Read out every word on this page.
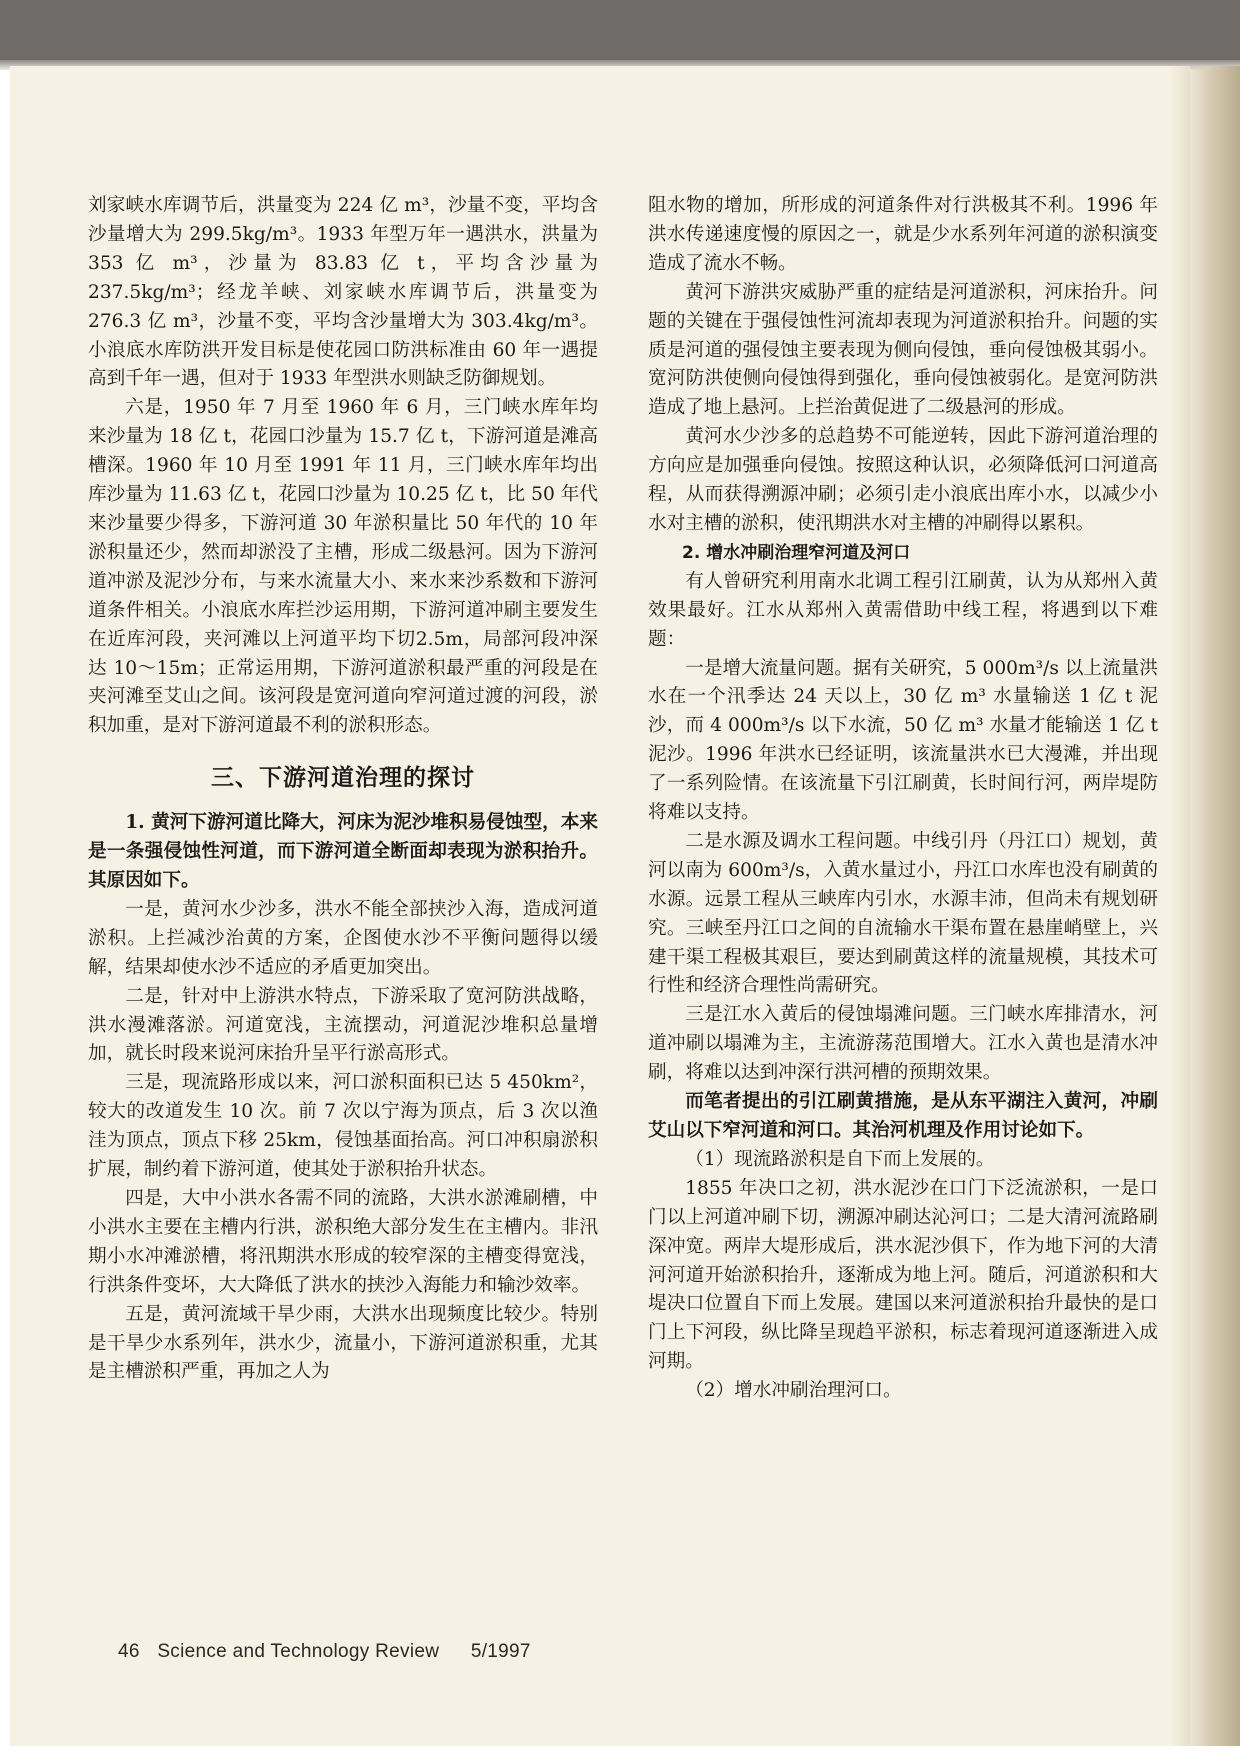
刘家峡水库调节后，洪量变为 224 亿 m³，沙量不变，平均含沙量增大为 299.5kg/m³。1933 年型万年一遇洪水，洪量为 353 亿 m³，沙量为 83.83 亿 t，平均含沙量为 237.5kg/m³；经龙羊峡、刘家峡水库调节后，洪量变为 276.3 亿 m³，沙量不变，平均含沙量增大为 303.4kg/m³。小浪底水库防洪开发目标是使花园口防洪标准由 60 年一遇提高到千年一遇，但对于 1933 年型洪水则缺乏防御规划。

六是，1950 年 7 月至 1960 年 6 月，三门峡水库年均来沙量为 18 亿 t，花园口沙量为 15.7 亿 t，下游河道是滩高槽深。1960 年 10 月至 1991 年 11 月，三门峡水库年均出库沙量为 11.63 亿 t，花园口沙量为 10.25 亿 t，比 50 年代来沙量要少得多，下游河道 30 年淤积量比 50 年代的 10 年淤积量还少，然而却淤没了主槽，形成二级悬河。因为下游河道冲淤及泥沙分布，与来水流量大小、来水来沙系数和下游河道条件相关。小浪底水库拦沙运用期，下游河道冲刷主要发生在近库河段，夹河滩以上河道平均下切2.5m，局部河段冲深达 10～15m；正常运用期，下游河道淤积最严重的河段是在夹河滩至艾山之间。该河段是宽河道向窄河道过渡的河段，淤积加重，是对下游河道最不利的淤积形态。

三、下游河道治理的探讨

1. 黄河下游河道比降大，河床为泥沙堆积易侵蚀型，本来是一条强侵蚀性河道，而下游河道全断面却表现为淤积抬升。其原因如下。

一是，黄河水少沙多，洪水不能全部挟沙入海，造成河道淤积。上拦减沙治黄的方案，企图使水沙不平衡问题得以缓解，结果却使水沙不适应的矛盾更加突出。

二是，针对中上游洪水特点，下游采取了宽河防洪战略，洪水漫滩落淤。河道宽浅，主流摆动，河道泥沙堆积总量增加，就长时段来说河床抬升呈平行淤高形式。

三是，现流路形成以来，河口淤积面积已达 5 450km²，较大的改道发生 10 次。前 7 次以宁海为顶点，后 3 次以渔洼为顶点，顶点下移 25km，侵蚀基面抬高。河口冲积扇淤积扩展，制约着下游河道，使其处于淤积抬升状态。

四是，大中小洪水各需不同的流路，大洪水淤滩刷槽，中小洪水主要在主槽内行洪，淤积绝大部分发生在主槽内。非汛期小水冲滩淤槽，将汛期洪水形成的较窄深的主槽变得宽浅，行洪条件变坏，大大降低了洪水的挟沙入海能力和输沙效率。

五是，黄河流域干旱少雨，大洪水出现频度比较少。特别是干旱少水系列年，洪水少，流量小，下游河道淤积重，尤其是主槽淤积严重，再加之人为

阻水物的增加，所形成的河道条件对行洪极其不利。1996 年洪水传递速度慢的原因之一，就是少水系列年河道的淤积演变造成了流水不畅。

黄河下游洪灾威胁严重的症结是河道淤积，河床抬升。问题的关键在于强侵蚀性河流却表现为河道淤积抬升。问题的实质是河道的强侵蚀主要表现为侧向侵蚀，垂向侵蚀极其弱小。宽河防洪使侧向侵蚀得到强化，垂向侵蚀被弱化。是宽河防洪造成了地上悬河。上拦治黄促进了二级悬河的形成。

黄河水少沙多的总趋势不可能逆转，因此下游河道治理的方向应是加强垂向侵蚀。按照这种认识，必须降低河口河道高程，从而获得溯源冲刷；必须引走小浪底出库小水，以减少小水对主槽的淤积，使汛期洪水对主槽的冲刷得以累积。

2. 增水冲刷治理窄河道及河口

有人曾研究利用南水北调工程引江刷黄，认为从郑州入黄效果最好。江水从郑州入黄需借助中线工程，将遇到以下难题：

一是增大流量问题。据有关研究，5 000m³/s 以上流量洪水在一个汛季达 24 天以上，30 亿 m³ 水量输送 1 亿 t 泥沙，而 4 000m³/s 以下水流，50 亿 m³ 水量才能输送 1 亿 t 泥沙。1996 年洪水已经证明，该流量洪水已大漫滩，并出现了一系列险情。在该流量下引江刷黄，长时间行河，两岸堤防将难以支持。

二是水源及调水工程问题。中线引丹（丹江口）规划，黄河以南为 600m³/s，入黄水量过小，丹江口水库也没有刷黄的水源。远景工程从三峡库内引水，水源丰沛，但尚未有规划研究。三峡至丹江口之间的自流输水干渠布置在悬崖峭壁上，兴建干渠工程极其艰巨，要达到刷黄这样的流量规模，其技术可行性和经济合理性尚需研究。

三是江水入黄后的侵蚀塌滩问题。三门峡水库排清水，河道冲刷以塌滩为主，主流游荡范围增大。江水入黄也是清水冲刷，将难以达到冲深行洪河槽的预期效果。

而笔者提出的引江刷黄措施，是从东平湖注入黄河，冲刷艾山以下窄河道和河口。其治河机理及作用讨论如下。

（1）现流路淤积是自下而上发展的。

1855 年决口之初，洪水泥沙在口门下泛流淤积，一是口门以上河道冲刷下切，溯源冲刷达沁河口；二是大清河流路刷深冲宽。两岸大堤形成后，洪水泥沙俱下，作为地下河的大清河河道开始淤积抬升，逐渐成为地上河。随后，河道淤积和大堤决口位置自下而上发展。建国以来河道淤积抬升最快的是口门上下河段，纵比降呈现趋平淤积，标志着现河道逐渐进入成河期。

（2）增水冲刷治理河口。

46 Science and Technology Review 5/1997
